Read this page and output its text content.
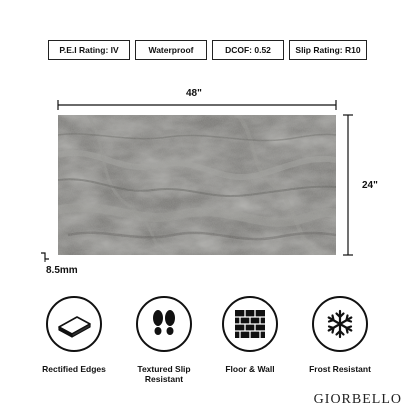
P.E.I Rating: IV	Waterproof	DCOF: 0.52	Slip Rating: R10
48"
24"
8.5mm
Rectified Edges	Textured Slip Resistant
Floor & Wall	Frost Resistant
GIORBELLO
